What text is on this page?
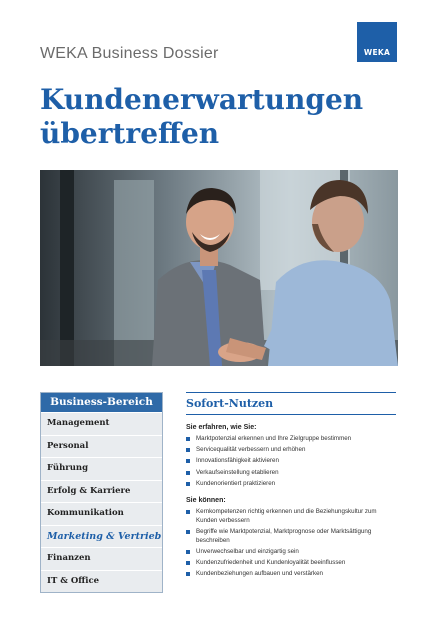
WEKA Business Dossier	WEKA
Kundenerwartungen
übertreffen
Business-Bereich
Management
Personal
Führung
Erfolg & Karriere
Kommunikation
Marketing & Vertrieb
Finanzen
IT & Office
Sofort-Nutzen
Sie erfahren, wie Sie:
Marktpotenzial erkennen und Ihre Zielgruppe bestimmen
Servicequalität verbessern und erhöhen
Innovationsfähigkeit aktivieren
Verkaufseinstellung etablieren
Kundenorientiert praktizieren
Sie können:
Kernkompetenzen richtig erkennen und die Beziehungskultur zum Kunden verbessern
Begriffe wie Marktpotenzial, Marktprognose oder Marktsättigung beschreiben
Unverwechselbar und einzigartig sein
Kundenzufriedenheit und Kundenloyalität beeinflussen
Kundenbeziehungen aufbauen und verstärken
